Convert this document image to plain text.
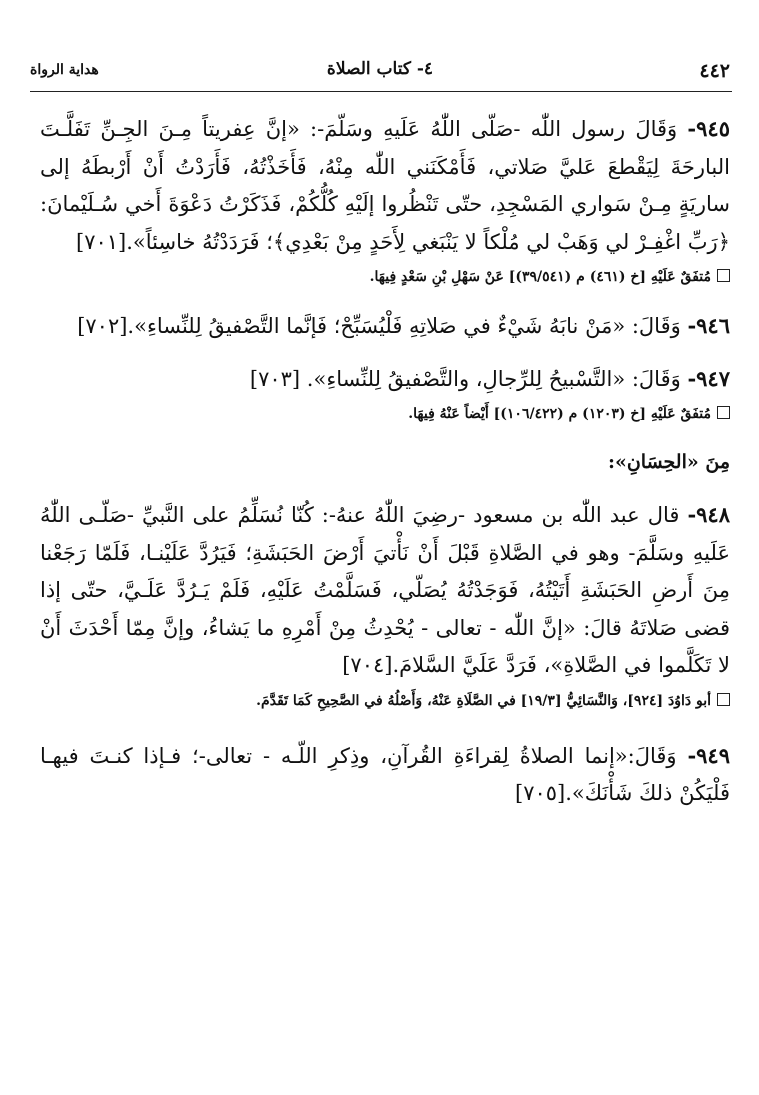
٤٤٢
٤- كتاب الصلاة
هداية الرواة

٩٤٥- وَقَالَ رسول اللّٰه -صَلّى اللّٰهُ عَلَيهِ وسَلّمَ-: «إنَّ عِفريتاً مِـنَ الجِـنِّ تَفَلَّـتَ البارحَةَ لِيَقْطعَ عَليَّ صَلاتي، فَأَمْكَنَني اللّٰه مِنْهُ، فَأَخَذْتُهُ، فَأَرَدْتُ أَنْ أَرْبطَهُ إلى ساريَةٍ مِـنْ سَواري المَسْجِدِ، حتّى تَنْظُروا إلَيْهِ كُلُّكُمْ، فَذَكَرْتُ دَعْوَةَ أَخي سُـلَيْمانَ: ﴿رَبِّ اغْفِـرْ لي وَهَبْ لي مُلْكاً لا يَنْبَغي لِأَحَدٍ مِنْ بَعْدِي﴾؛ فَرَدَدْتُهُ خاسِئاً».[٧٠١]

مُتفَقٌ عَلَيْهِ [خ (٤٦١) م (٣٩/٥٤١)] عَنْ سَهْلِ بْنِ سَعْدٍ فِيهَا.

٩٤٦- وَقَالَ: «مَنْ نابَهُ شَيْءٌ في صَلاتِهِ فَلْيُسَبِّحْ؛ فَإنَّما التَّصْفيقُ لِلنِّساءِ».[٧٠٢]

٩٤٧- وَقَالَ: «التَّسْبيحُ لِلرِّجالِ، والتَّصْفيقُ لِلنِّساءِ». [٧٠٣]

مُتفَقٌ عَلَيْهِ [خ (١٢٠٣) م (١٠٦/٤٢٢)] أَيْضاً عَنْهُ فِيهَا.

مِنَ «الحِسَانِ»:

٩٤٨- قال عبد اللّٰه بن مسعود -رضِيَ اللّٰهُ عنهُ-: كُنّا نُسَلِّمُ على النَّبيِّ -صَلّـى اللّٰهُ عَلَيهِ وسَلَّمَ- وهو في الصَّلاةِ قَبْلَ أَنْ نَأْتيَ أَرْضَ الحَبَشَةِ؛ فَيَرُدَّ عَلَيْنـا، فَلَمّا رَجَعْنا مِنَ أَرضِ الحَبَشَةِ أَتَيْتُهُ، فَوَجَدْتُهُ يُصَلّي، فَسَلَّمْتُ عَلَيْهِ، فَلَمْ يَـرُدَّ عَلَـيَّ، حتّى إذا قضى صَلاتَهُ قالَ: «إنَّ اللّٰه - تعالى - يُحْدِثُ مِنْ أَمْرِهِ ما يَشاءُ، وإنَّ مِمّا أَحْدَثَ أَنْ لا تَكَلَّموا في الصَّلاةِ»، فَرَدَّ عَلَيَّ السَّلامَ.[٧٠٤]

أبو دَاوُدَ [٩٢٤]، وَالنَّسَائِيُّ [١٩/٣] في الصَّلَاةِ عَنْهُ، وَأَصْلُهُ في الصَّحِيحِ كَمَا تَقَدَّمَ.

٩٤٩- وَقَالَ:«إنما الصلاةُ لِقراءَةِ القُرآنِ، وذِكرِ اللّـه - تعالى-؛ فـإذا كنـتَ فيهـا فَلْيَكُنْ ذلكَ شَأْنَكَ».[٧٠٥]
